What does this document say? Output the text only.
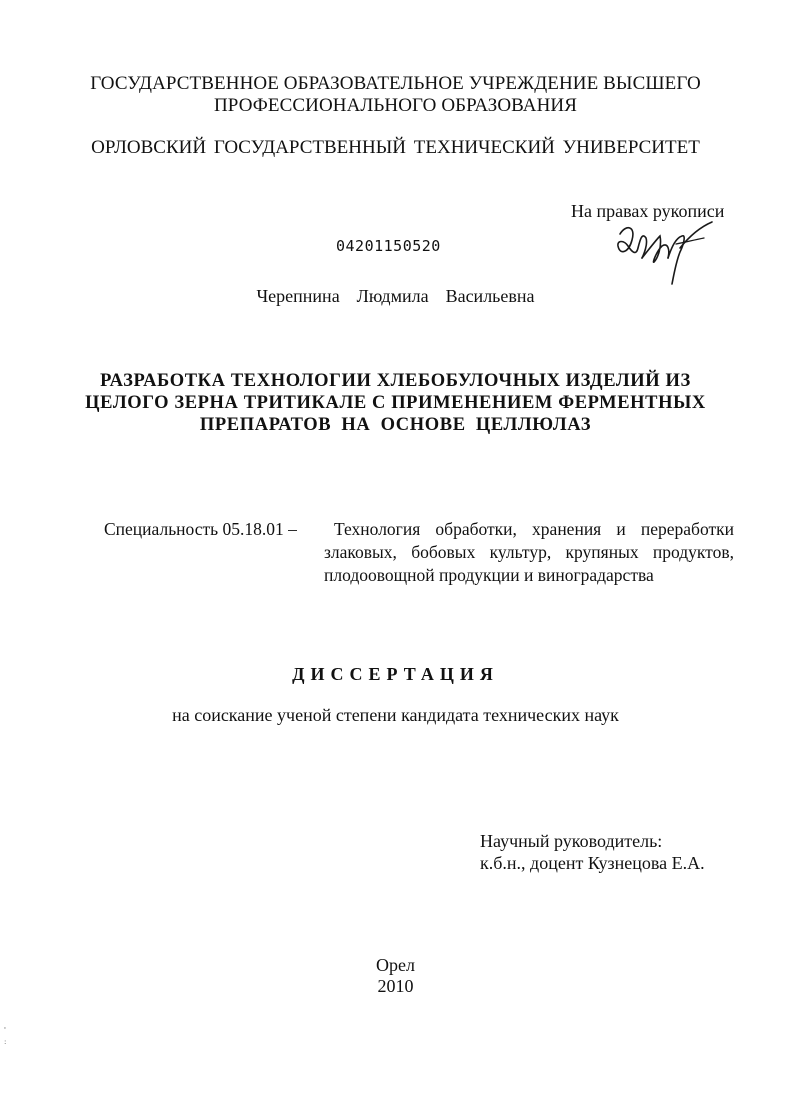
ГОСУДАРСТВЕННОЕ ОБРАЗОВАТЕЛЬНОЕ УЧРЕЖДЕНИЕ ВЫСШЕГО
ПРОФЕССИОНАЛЬНОГО ОБРАЗОВАНИЯ
ОРЛОВСКИЙ ГОСУДАРСТВЕННЫЙ ТЕХНИЧЕСКИЙ УНИВЕРСИТЕТ
На правах рукописи
04201150520
Черепнина  Людмила  Васильевна
РАЗРАБОТКА ТЕХНОЛОГИИ ХЛЕБОБУЛОЧНЫХ ИЗДЕЛИЙ ИЗ
ЦЕЛОГО ЗЕРНА ТРИТИКАЛЕ С ПРИМЕНЕНИЕМ ФЕРМЕНТНЫХ
ПРЕПАРАТОВ НА ОСНОВЕ ЦЕЛЛЮЛАЗ
Специальность 05.18.01 – Технология обработки, хранения и переработки
злаковых, бобовых культур, крупяных продуктов,
плодоовощной продукции и виноградарства
ДИССЕРТАЦИЯ
на соискание ученой степени кандидата технических наук
Научный руководитель:
к.б.н., доцент Кузнецова Е.А.
Орел
2010
'
:
